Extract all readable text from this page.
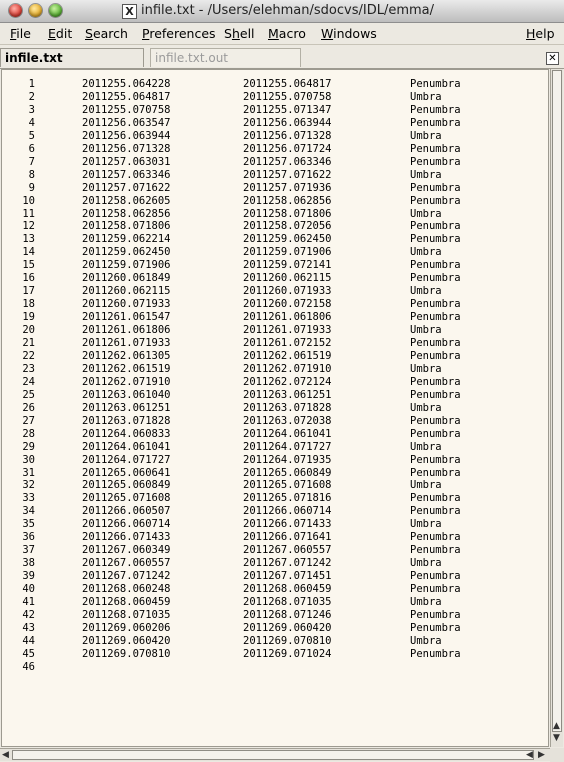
X infile.txt - /Users/elehman/sdocvs/IDL/emma/
File Edit Search Preferences Shell Macro Windows	Help
infile.txt	infile.txt.out	✕
1	2011255.064228	2011255.064817	Penumbra
2	2011255.064817	2011255.070758	Umbra
3	2011255.070758	2011255.071347	Penumbra
4	2011256.063547	2011256.063944	Penumbra
5	2011256.063944	2011256.071328	Umbra
6	2011256.071328	2011256.071724	Penumbra
7	2011257.063031	2011257.063346	Penumbra
8	2011257.063346	2011257.071622	Umbra
9	2011257.071622	2011257.071936	Penumbra
10	2011258.062605	2011258.062856	Penumbra
11	2011258.062856	2011258.071806	Umbra
12	2011258.071806	2011258.072056	Penumbra
13	2011259.062214	2011259.062450	Penumbra
14	2011259.062450	2011259.071906	Umbra
15	2011259.071906	2011259.072141	Penumbra
16	2011260.061849	2011260.062115	Penumbra
17	2011260.062115	2011260.071933	Umbra
18	2011260.071933	2011260.072158	Penumbra
19	2011261.061547	2011261.061806	Penumbra
20	2011261.061806	2011261.071933	Umbra
21	2011261.071933	2011261.072152	Penumbra
22	2011262.061305	2011262.061519	Penumbra
23	2011262.061519	2011262.071910	Umbra
24	2011262.071910	2011262.072124	Penumbra
25	2011263.061040	2011263.061251	Penumbra
26	2011263.061251	2011263.071828	Umbra
27	2011263.071828	2011263.072038	Penumbra
28	2011264.060833	2011264.061041	Penumbra
29	2011264.061041	2011264.071727	Umbra
30	2011264.071727	2011264.071935	Penumbra
31	2011265.060641	2011265.060849	Penumbra
32	2011265.060849	2011265.071608	Umbra
33	2011265.071608	2011265.071816	Penumbra
34	2011266.060507	2011266.060714	Penumbra
35	2011266.060714	2011266.071433	Umbra
36	2011266.071433	2011266.071641	Penumbra
37	2011267.060349	2011267.060557	Penumbra
38	2011267.060557	2011267.071242	Umbra
39	2011267.071242	2011267.071451	Penumbra
40	2011268.060248	2011268.060459	Penumbra
41	2011268.060459	2011268.071035	Umbra
42	2011268.071035	2011268.071246	Penumbra
43	2011269.060206	2011269.060420	Penumbra
44	2011269.060420	2011269.070810	Umbra
45	2011269.070810	2011269.071024	Penumbra
46
▲
▼
◀	◀ ▶
